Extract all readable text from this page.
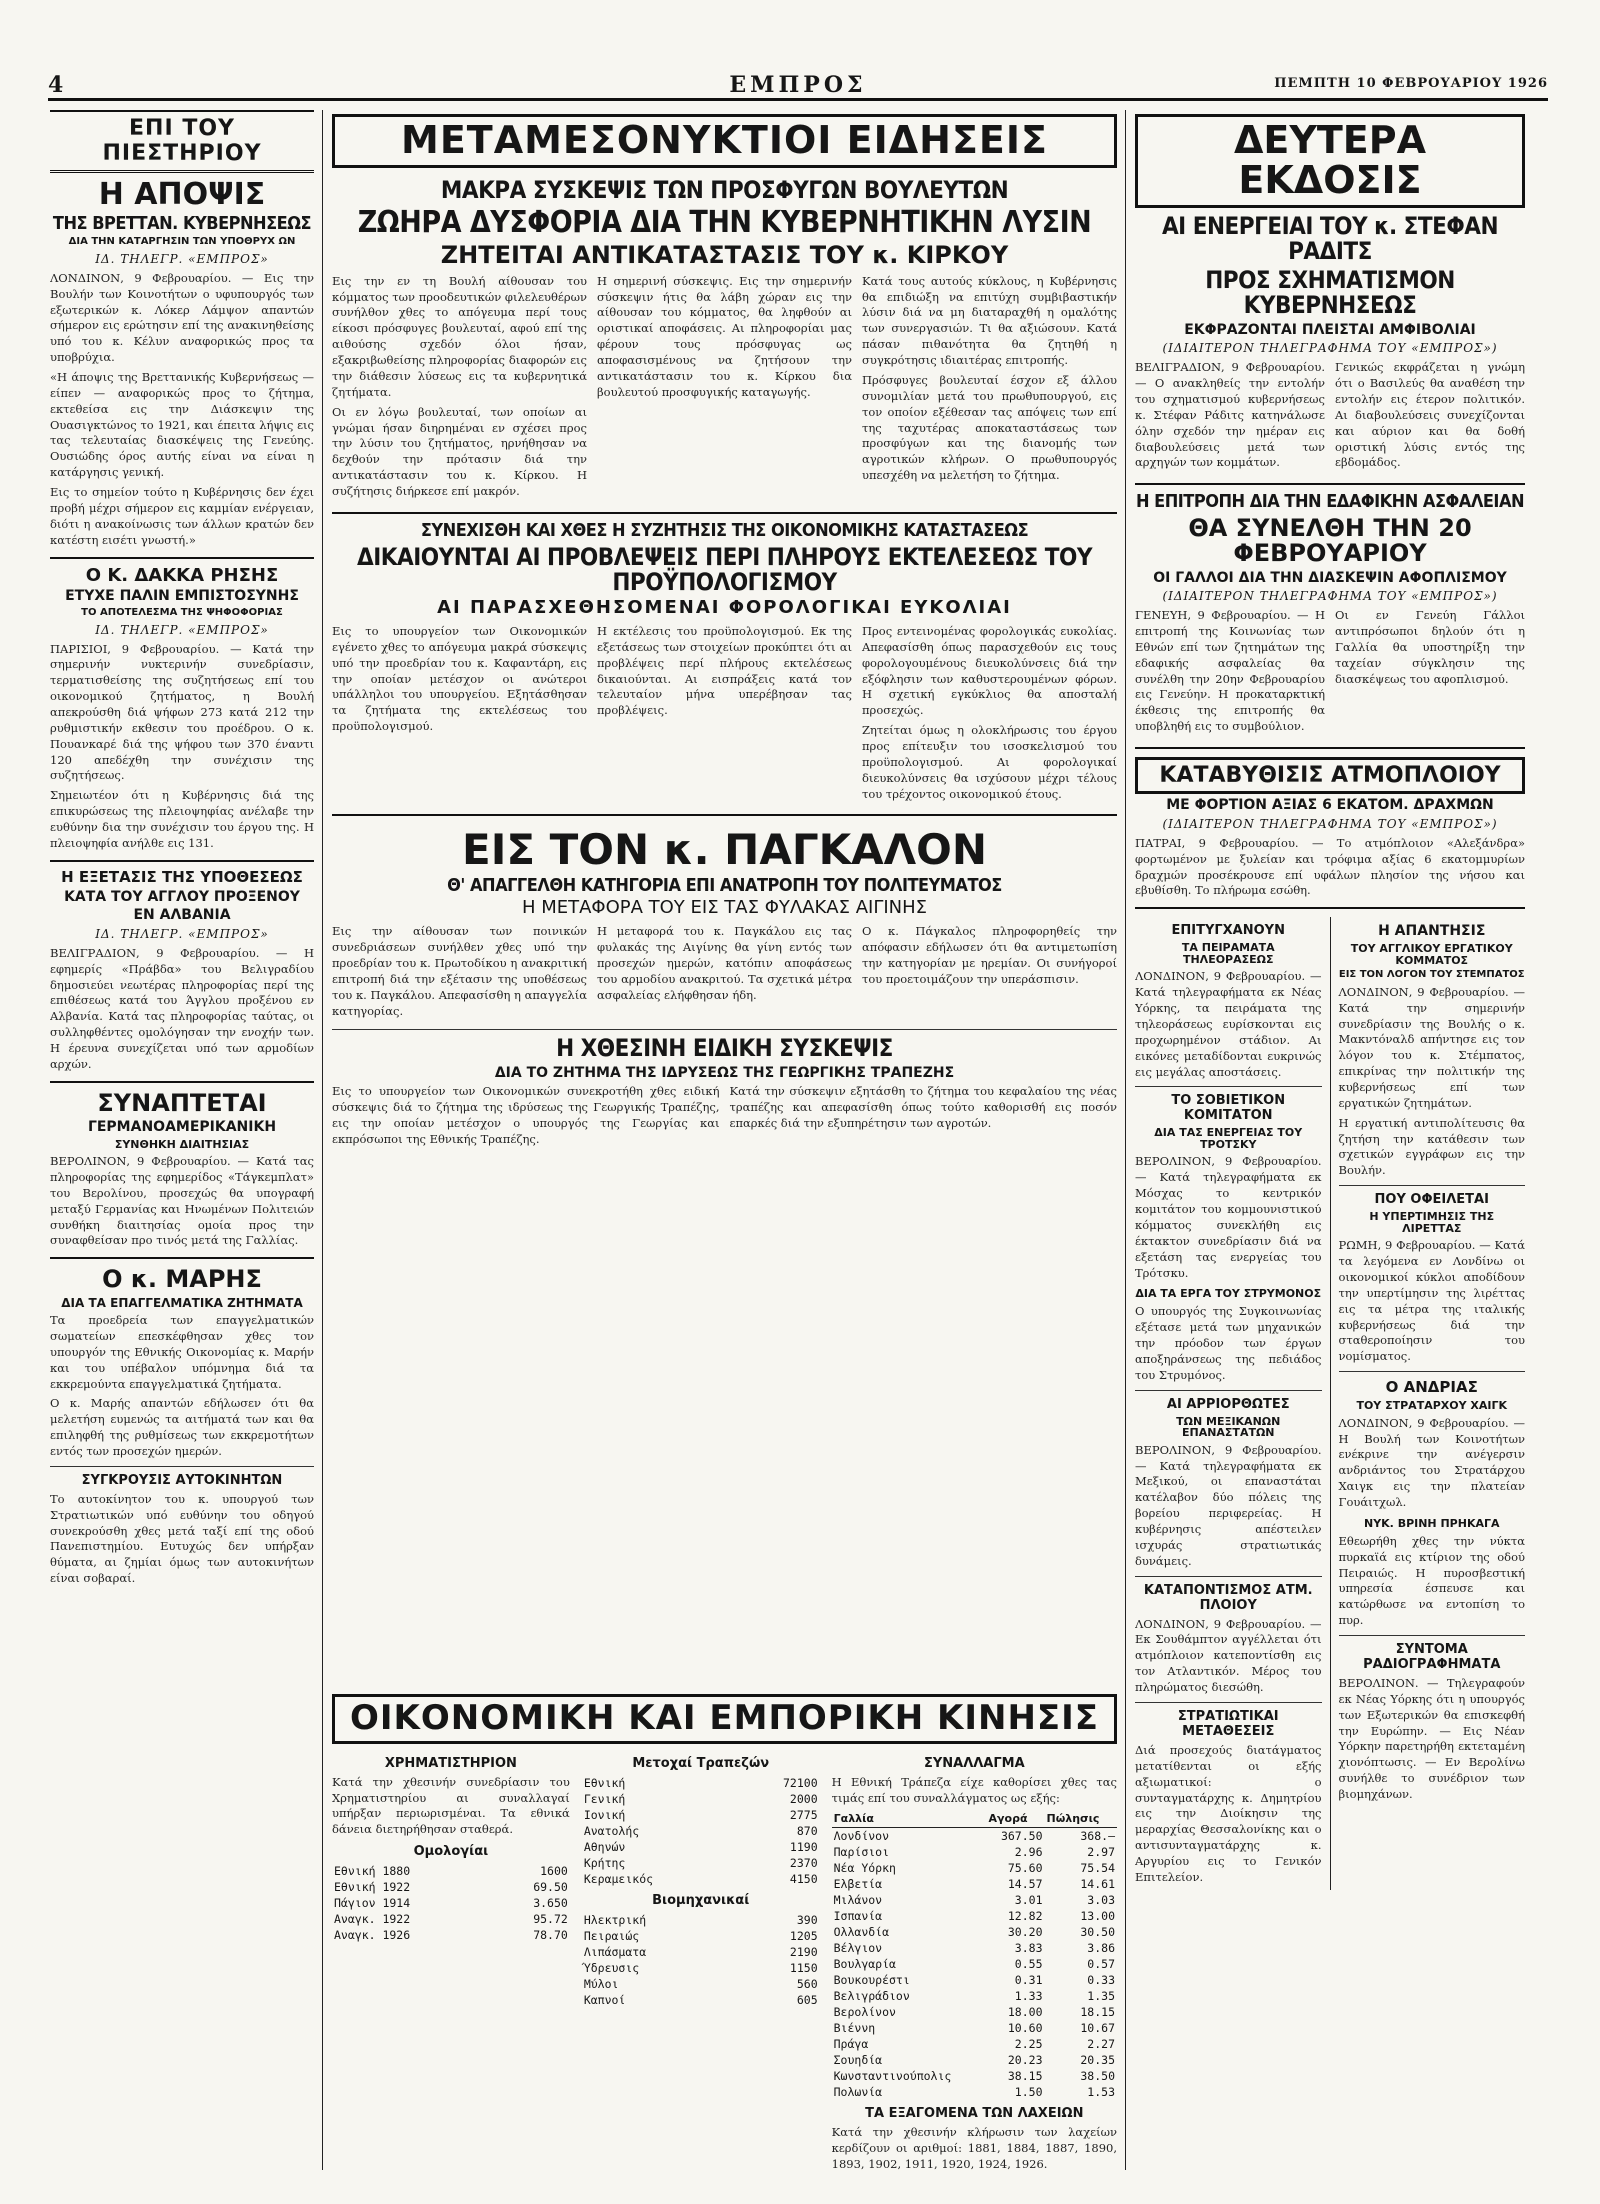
4	ΕΜΠΡΟΣ	ΠΕΜΠΤΗ 10 ΦΕΒΡΟΥΑΡΙΟΥ 1926
ΕΠΙ ΤΟΥ ΠΙΕΣΤΗΡΙΟΥ
Η ΑΠΟΨΙΣ
ΤΗΣ ΒΡΕΤΤΑΝ. ΚΥΒΕΡΝΗΣΕΩΣ
ΔΙΑ ΤΗΝ ΚΑΤΑΡΓΗΣΙΝ ΤΩΝ ΥΠΟΘΡΥΧ ΩΝ
ΙΔ. ΤΗΛΕΓΡ. «ΕΜΠΡΟΣ»

ΛΟΝΔΙΝΟΝ, 9 Φεβρουαρίου. — Εις την Βουλήν των Κοινοτήτων ο υφυπουργός των εξωτερικών κ. Λόκερ Λάμψον απαντών σήμερον εις ερώτησιν επί της ανακινηθείσης υπό του κ. Κέλυν αναφορικώς προς τα υποβρύχια.

«Η άποψις της Βρεττανικής Κυβερνήσεως — είπεν — αναφορικώς προς το ζήτημα, εκτεθείσα εις την Διάσκεψιν της Ουασιγκτώνος το 1921, και έπειτα λήψις εις τας τελευταίας διασκέψεις της Γενεύης. Ουσιώδης όρος αυτής είναι να είναι η κατάργησις γενική.

Εις το σημείον τούτο η Κυβέρνησις δεν έχει προβή μέχρι σήμερον εις καμμίαν ενέργειαν, διότι η ανακοίνωσις των άλλων κρατών δεν κατέστη εισέτι γνωστή.»

Ο Κ. ΔΑΚΚΑ ΡΗΣΗΣ
ΕΤΥΧΕ ΠΑΛΙΝ ΕΜΠΙΣΤΟΣΥΝΗΣ
ΤΟ ΑΠΟΤΕΛΕΣΜΑ ΤΗΣ ΨΗΦΟΦΟΡΙΑΣ
ΙΔ. ΤΗΛΕΓΡ. «ΕΜΠΡΟΣ»

ΠΑΡΙΣΙΟΙ, 9 Φεβρουαρίου. — Κατά την σημερινήν νυκτερινήν συνεδρίασιν, τερματισθείσης της συζητήσεως επί του οικονομικού ζητήματος, η Βουλή απεκρούσθη διά ψήφων 273 κατά 212 την ρυθμιστικήν εκθεσιν του προέδρου. Ο κ. Πουανκαρέ διά της ψήφου των 370 έναντι 120 απεδέχθη την συνέχισιν της συζητήσεως.

Σημειωτέον ότι η Κυβέρνησις διά της επικυρώσεως της πλειοψηφίας ανέλαβε την ευθύνην δια την συνέχισιν του έργου της. Η πλειοψηφία ανήλθε εις 131.

Η ΕΞΕΤΑΣΙΣ ΤΗΣ ΥΠΟΘΕΣΕΩΣ
ΚΑΤΑ ΤΟΥ ΑΓΓΛΟΥ ΠΡΟΞΕΝΟΥ
ΕΝ ΑΛΒΑΝΙΑ
ΙΔ. ΤΗΛΕΓΡ. «ΕΜΠΡΟΣ»

ΒΕΛΙΓΡΑΔΙΟΝ, 9 Φεβρουαρίου. — Η εφημερίς «Πράβδα» του Βελιγραδίου δημοσιεύει νεωτέρας πληροφορίας περί της επιθέσεως κατά του Άγγλου προξένου εν Αλβανία. Κατά τας πληροφορίας ταύτας, οι συλληφθέντες ομολόγησαν την ενοχήν των. Η έρευνα συνεχίζεται υπό των αρμοδίων αρχών.

ΣΥΝΑΠΤΕΤΑΙ
ΓΕΡΜΑΝΟΑΜΕΡΙΚΑΝΙΚΗ
ΣΥΝΘΗΚΗ ΔΙΑΙΤΗΣΙΑΣ

ΒΕΡΟΛΙΝΟΝ, 9 Φεβρουαρίου. — Κατά τας πληροφορίας της εφημερίδος «Τάγκεμπλατ» του Βερολίνου, προσεχώς θα υπογραφή μεταξύ Γερμανίας και Ηνωμένων Πολιτειών συνθήκη διαιτησίας ομοία προς την συναφθείσαν προ τινός μετά της Γαλλίας.

Ο κ. ΜΑΡΗΣ
ΔΙΑ ΤΑ ΕΠΑΓΓΕΛΜΑΤΙΚΑ ΖΗΤΗΜΑΤΑ

Τα προεδρεία των επαγγελματικών σωματείων επεσκέφθησαν χθες τον υπουργόν της Εθνικής Οικονομίας κ. Μαρήν και του υπέβαλον υπόμνημα διά τα εκκρεμούντα επαγγελματικά ζητήματα.

Ο κ. Μαρής απαντών εδήλωσεν ότι θα μελετήση ευμενώς τα αιτήματά των και θα επιληφθή της ρυθμίσεως των εκκρεμοτήτων εντός των προσεχών ημερών.

ΣΥΓΚΡΟΥΣΙΣ ΑΥΤΟΚΙΝΗΤΩΝ

Το αυτοκίνητον του κ. υπουργού των Στρατιωτικών υπό ευθύνην του οδηγού συνεκρούσθη χθες μετά ταξί επί της οδού Πανεπιστημίου. Ευτυχώς δεν υπήρξαν θύματα, αι ζημίαι όμως των αυτοκινήτων είναι σοβαραί.

ΜΕΤΑΜΕΣΟΝΥΚΤΙΟΙ ΕΙΔΗΣΕΙΣ
ΜΑΚΡΑ ΣΥΣΚΕΨΙΣ ΤΩΝ ΠΡΟΣΦΥΓΩΝ ΒΟΥΛΕΥΤΩΝ
ΖΩΗΡΑ ΔΥΣΦΟΡΙΑ ΔΙΑ ΤΗΝ ΚΥΒΕΡΝΗΤΙΚΗΝ ΛΥΣΙΝ
ΖΗΤΕΙΤΑΙ ΑΝΤΙΚΑΤΑΣΤΑΣΙΣ ΤΟΥ κ. ΚΙΡΚΟΥ

Εις την εν τη Βουλή αίθουσαν του κόμματος των προοδευτικών φιλελευθέρων συνήλθον χθες το απόγευμα περί τους είκοσι πρόσφυγες βουλευταί, αφού επί της αιθούσης σχεδόν όλοι ήσαν, εξακριβωθείσης πληροφορίας διαφορών εις την διάθεσιν λύσεως εις τα κυβερνητικά ζητήματα.

Οι εν λόγω βουλευταί, των οποίων αι γνώμαι ήσαν διηρημέναι εν σχέσει προς την λύσιν του ζητήματος, ηρνήθησαν να δεχθούν την πρότασιν διά την αντικατάστασιν του κ. Κίρκου. Η συζήτησις διήρκεσε επί μακρόν.

Η σημερινή σύσκεψις. Εις την σημερινήν σύσκεψιν ήτις θα λάβη χώραν εις την αίθουσαν του κόμματος, θα ληφθούν αι οριστικαί αποφάσεις. Αι πληροφορίαι μας φέρουν τους πρόσφυγας ως αποφασισμένους να ζητήσουν την αντικατάστασιν του κ. Κίρκου δια βουλευτού προσφυγικής καταγωγής.

Κατά τους αυτούς κύκλους, η Κυβέρνησις θα επιδιώξη να επιτύχη συμβιβαστικήν λύσιν διά να μη διαταραχθή η ομαλότης των συνεργασιών. Τι θα αξιώσουν. Κατά πάσαν πιθανότητα θα ζητηθή η συγκρότησις ιδιαιτέρας επιτροπής.

Πρόσφυγες βουλευταί έσχον εξ άλλου συνομιλίαν μετά του πρωθυπουργού, εις τον οποίον εξέθεσαν τας απόψεις των επί της ταχυτέρας αποκαταστάσεως των προσφύγων και της διανομής των αγροτικών κλήρων. Ο πρωθυπουργός υπεσχέθη να μελετήση το ζήτημα.

ΣΥΝΕΧΙΣΘΗ ΚΑΙ ΧΘΕΣ Η ΣΥΖΗΤΗΣΙΣ ΤΗΣ ΟΙΚΟΝΟΜΙΚΗΣ ΚΑΤΑΣΤΑΣΕΩΣ
ΔΙΚΑΙΟΥΝΤΑΙ ΑΙ ΠΡΟΒΛΕΨΕΙΣ ΠΕΡΙ ΠΛΗΡΟΥΣ ΕΚΤΕΛΕΣΕΩΣ ΤΟΥ ΠΡΟΫΠΟΛΟΓΙΣΜΟΥ
ΑΙ ΠΑΡΑΣΧΕΘΗΣΟΜΕΝΑΙ ΦΟΡΟΛΟΓΙΚΑΙ ΕΥΚΟΛΙΑΙ

Εις το υπουργείον των Οικονομικών εγένετο χθες το απόγευμα μακρά σύσκεψις υπό την προεδρίαν του κ. Καφαντάρη, εις την οποίαν μετέσχον οι ανώτεροι υπάλληλοι του υπουργείου. Εξητάσθησαν τα ζητήματα της εκτελέσεως του προϋπολογισμού.

Η εκτέλεσις του προϋπολογισμού. Εκ της εξετάσεως των στοιχείων προκύπτει ότι αι προβλέψεις περί πλήρους εκτελέσεως δικαιούνται. Αι εισπράξεις κατά τον τελευταίον μήνα υπερέβησαν τας προβλέψεις.

Προς εντεινομένας φορολογικάς ευκολίας. Απεφασίσθη όπως παρασχεθούν εις τους φορολογουμένους διευκολύνσεις διά την εξόφλησιν των καθυστερουμένων φόρων. Η σχετική εγκύκλιος θα αποσταλή προσεχώς.

Ζητείται όμως η ολοκλήρωσις του έργου προς επίτευξιν του ισοσκελισμού του προϋπολογισμού. Αι φορολογικαί διευκολύνσεις θα ισχύσουν μέχρι τέλους του τρέχοντος οικονομικού έτους.

ΕΙΣ ΤΟΝ κ. ΠΑΓΚΑΛΟΝ
Θ' ΑΠΑΓΓΕΛΘΗ ΚΑΤΗΓΟΡΙΑ ΕΠΙ ΑΝΑΤΡΟΠΗ ΤΟΥ ΠΟΛΙΤΕΥΜΑΤΟΣ
Η ΜΕΤΑΦΟΡΑ ΤΟΥ ΕΙΣ ΤΑΣ ΦΥΛΑΚΑΣ ΑΙΓΙΝΗΣ

Εις την αίθουσαν των ποινικών συνεδριάσεων συνήλθεν χθες υπό την προεδρίαν του κ. Πρωτοδίκου η ανακριτική επιτροπή διά την εξέτασιν της υποθέσεως του κ. Παγκάλου. Απεφασίσθη η απαγγελία κατηγορίας.

Η μεταφορά του κ. Παγκάλου εις τας φυλακάς της Αιγίνης θα γίνη εντός των προσεχών ημερών, κατόπιν αποφάσεως του αρμοδίου ανακριτού. Τα σχετικά μέτρα ασφαλείας ελήφθησαν ήδη.

Ο κ. Πάγκαλος πληροφορηθείς την απόφασιν εδήλωσεν ότι θα αντιμετωπίση την κατηγορίαν με ηρεμίαν. Οι συνήγοροί του προετοιμάζουν την υπεράσπισιν.

Η ΧΘΕΣΙΝΗ ΕΙΔΙΚΗ ΣΥΣΚΕΨΙΣ
ΔΙΑ ΤΟ ΖΗΤΗΜΑ ΤΗΣ ΙΔΡΥΣΕΩΣ ΤΗΣ ΓΕΩΡΓΙΚΗΣ ΤΡΑΠΕΖΗΣ

Εις το υπουργείον των Οικονομικών συνεκροτήθη χθες ειδική σύσκεψις διά το ζήτημα της ιδρύσεως της Γεωργικής Τραπέζης, εις την οποίαν μετέσχον ο υπουργός της Γεωργίας και εκπρόσωποι της Εθνικής Τραπέζης.

Κατά την σύσκεψιν εξητάσθη το ζήτημα του κεφαλαίου της νέας τραπέζης και απεφασίσθη όπως τούτο καθορισθή εις ποσόν επαρκές διά την εξυπηρέτησιν των αγροτών.

ΟΙΚΟΝΟΜΙΚΗ ΚΑΙ ΕΜΠΟΡΙΚΗ ΚΙΝΗΣΙΣ
ΧΡΗΜΑΤΙΣΤΗΡΙΟΝ

Κατά την χθεσινήν συνεδρίασιν του Χρηματιστηρίου αι συναλλαγαί υπήρξαν περιωρισμέναι. Τα εθνικά δάνεια διετηρήθησαν σταθερά.

Ομολογίαι
Εθνική 1880	1600
Εθνική 1922	69.50
Πάγιον 1914	3.650
Αναγκ. 1922	95.72
Αναγκ. 1926	78.70
Μετοχαί Τραπεζών
Εθνική	72100
Γενική	2000
Ιονική	2775
Ανατολής	870
Αθηνών	1190
Κρήτης	2370
Κεραμεικός	4150
Βιομηχανικαί
Ηλεκτρική	390
Πειραιώς	1205
Λιπάσματα	2190
Ύδρευσις	1150
Μύλοι	560
Καπνοί	605
ΣΥΝΑΛΛΑΓΜΑ

Η Εθνική Τράπεζα είχε καθορίσει χθες τας τιμάς επί του συναλλάγματος ως εξής:

Γαλλία	Αγορά	Πώλησις
Λονδίνον	367.50	368.—
Παρίσιοι	2.96	2.97
Νέα Υόρκη	75.60	75.54
Ελβετία	14.57	14.61
Μιλάνον	3.01	3.03
Ισπανία	12.82	13.00
Ολλανδία	30.20	30.50
Βέλγιον	3.83	3.86
Βουλγαρία	0.55	0.57
Βουκουρέστι	0.31	0.33
Βελιγράδιον	1.33	1.35
Βερολίνον	18.00	18.15
Βιέννη	10.60	10.67
Πράγα	2.25	2.27
Σουηδία	20.23	20.35
Κωνσταντινούπολις	38.15	38.50
Πολωνία	1.50	1.53
ΤΑ ΕΞΑΓΟΜΕΝΑ ΤΩΝ ΛΑΧΕΙΩΝ

Κατά την χθεσινήν κλήρωσιν των λαχείων κερδίζουν οι αριθμοί: 1881, 1884, 1887, 1890, 1893, 1902, 1911, 1920, 1924, 1926.

ΔΕΥΤΕΡΑ ΕΚΔΟΣΙΣ
ΑΙ ΕΝΕΡΓΕΙΑΙ ΤΟΥ κ. ΣΤΕΦΑΝ ΡΑΔΙΤΣ
ΠΡΟΣ ΣΧΗΜΑΤΙΣΜΟΝ ΚΥΒΕΡΝΗΣΕΩΣ
ΕΚΦΡΑΖΟΝΤΑΙ ΠΛΕΙΣΤΑΙ ΑΜΦΙΒΟΛΙΑΙ
(ΙΔΙΑΙΤΕΡΟΝ ΤΗΛΕΓΡΑΦΗΜΑ ΤΟΥ «ΕΜΠΡΟΣ»)

ΒΕΛΙΓΡΑΔΙΟΝ, 9 Φεβρουαρίου. — Ο ανακληθείς την εντολήν του σχηματισμού κυβερνήσεως κ. Στέφαν Ράδιτς κατηνάλωσε όλην σχεδόν την ημέραν εις διαβουλεύσεις μετά των αρχηγών των κομμάτων.

Γενικώς εκφράζεται η γνώμη ότι ο Βασιλεύς θα αναθέση την εντολήν εις έτερον πολιτικόν. Αι διαβουλεύσεις συνεχίζονται και αύριον και θα δοθή οριστική λύσις εντός της εβδομάδος.

Η ΕΠΙΤΡΟΠΗ ΔΙΑ ΤΗΝ ΕΔΑΦΙΚΗΝ ΑΣΦΑΛΕΙΑΝ
ΘΑ ΣΥΝΕΛΘΗ ΤΗΝ 20 ΦΕΒΡΟΥΑΡΙΟΥ
ΟΙ ΓΑΛΛΟΙ ΔΙΑ ΤΗΝ ΔΙΑΣΚΕΨΙΝ ΑΦΟΠΛΙΣΜΟΥ
(ΙΔΙΑΙΤΕΡΟΝ ΤΗΛΕΓΡΑΦΗΜΑ ΤΟΥ «ΕΜΠΡΟΣ»)

ΓΕΝΕΥΗ, 9 Φεβρουαρίου. — Η επιτροπή της Κοινωνίας των Εθνών επί των ζητημάτων της εδαφικής ασφαλείας θα συνέλθη την 20ην Φεβρουαρίου εις Γενεύην. Η προκαταρκτική έκθεσις της επιτροπής θα υποβληθή εις το συμβούλιον.

Οι εν Γενεύη Γάλλοι αντιπρόσωποι δηλούν ότι η Γαλλία θα υποστηρίξη την ταχείαν σύγκλησιν της διασκέψεως του αφοπλισμού.

ΚΑΤΑΒΥΘΙΣΙΣ ΑΤΜΟΠΛΟΙΟΥ
ΜΕ ΦΟΡΤΙΟΝ ΑΞΙΑΣ 6 ΕΚΑΤΟΜ. ΔΡΑΧΜΩΝ
(ΙΔΙΑΙΤΕΡΟΝ ΤΗΛΕΓΡΑΦΗΜΑ ΤΟΥ «ΕΜΠΡΟΣ»)

ΠΑΤΡΑΙ, 9 Φεβρουαρίου. — Το ατμόπλοιον «Αλεξάνδρα» φορτωμένον με ξυλείαν και τρόφιμα αξίας 6 εκατομμυρίων δραχμών προσέκρουσε επί υφάλων πλησίον της νήσου και εβυθίσθη. Το πλήρωμα εσώθη.

ΕΠΙΤΥΓΧΑΝΟΥΝ
ΤΑ ΠΕΙΡΑΜΑΤΑ ΤΗΛΕΟΡΑΣΕΩΣ

ΛΟΝΔΙΝΟΝ, 9 Φεβρουαρίου. — Κατά τηλεγραφήματα εκ Νέας Υόρκης, τα πειράματα της τηλεοράσεως ευρίσκονται εις προχωρημένον στάδιον. Αι εικόνες μεταδίδονται ευκρινώς εις μεγάλας αποστάσεις.

ΤΟ ΣΟΒΙΕΤΙΚΟΝ ΚΟΜΙΤΑΤΟΝ
ΔΙΑ ΤΑΣ ΕΝΕΡΓΕΙΑΣ ΤΟΥ ΤΡΟΤΣΚΥ

ΒΕΡΟΛΙΝΟΝ, 9 Φεβρουαρίου. — Κατά τηλεγραφήματα εκ Μόσχας το κεντρικόν κομιτάτον του κομμουνιστικού κόμματος συνεκλήθη εις έκτακτον συνεδρίασιν διά να εξετάση τας ενεργείας του Τρότσκυ.

ΔΙΑ ΤΑ ΕΡΓΑ ΤΟΥ ΣΤΡΥΜΟΝΟΣ

Ο υπουργός της Συγκοινωνίας εξέτασε μετά των μηχανικών την πρόοδον των έργων αποξηράνσεως της πεδιάδος του Στρυμόνος.

ΑΙ ΑΡΡΙΟΡΘΩΤΕΣ
ΤΩΝ ΜΕΞΙΚΑΝΩΝ ΕΠΑΝΑΣΤΑΤΩΝ

ΒΕΡΟΛΙΝΟΝ, 9 Φεβρουαρίου. — Κατά τηλεγραφήματα εκ Μεξικού, οι επαναστάται κατέλαβον δύο πόλεις της βορείου περιφερείας. Η κυβέρνησις απέστειλεν ισχυράς στρατιωτικάς δυνάμεις.

ΚΑΤΑΠΟΝΤΙΣΜΟΣ ΑΤΜ. ΠΛΟΙΟΥ

ΛΟΝΔΙΝΟΝ, 9 Φεβρουαρίου. — Εκ Σουθάμπτον αγγέλλεται ότι ατμόπλοιον κατεποντίσθη εις τον Ατλαντικόν. Μέρος του πληρώματος διεσώθη.

ΣΤΡΑΤΙΩΤΙΚΑΙ ΜΕΤΑΘΕΣΕΙΣ

Διά προσεχούς διατάγματος μετατίθενται οι εξής αξιωματικοί: ο συνταγματάρχης κ. Δημητρίου εις την Διοίκησιν της μεραρχίας Θεσσαλονίκης και ο αντισυνταγματάρχης κ. Αργυρίου εις το Γενικόν Επιτελείον.

Η ΑΠΑΝΤΗΣΙΣ
ΤΟΥ ΑΓΓΛΙΚΟΥ ΕΡΓΑΤΙΚΟΥ ΚΟΜΜΑΤΟΣ
ΕΙΣ ΤΟΝ ΛΟΓΟΝ ΤΟΥ ΣΤΕΜΠΑΤΟΣ

ΛΟΝΔΙΝΟΝ, 9 Φεβρουαρίου. — Κατά την σημερινήν συνεδρίασιν της Βουλής ο κ. Μακντόναλδ απήντησε εις τον λόγον του κ. Στέμπατος, επικρίνας την πολιτικήν της κυβερνήσεως επί των εργατικών ζητημάτων.

Η εργατική αντιπολίτευσις θα ζητήση την κατάθεσιν των σχετικών εγγράφων εις την Βουλήν.

ΠΟΥ ΟΦΕΙΛΕΤΑΙ
Η ΥΠΕΡΤΙΜΗΣΙΣ ΤΗΣ ΛΙΡΕΤΤΑΣ

ΡΩΜΗ, 9 Φεβρουαρίου. — Κατά τα λεγόμενα εν Λονδίνω οι οικονομικοί κύκλοι αποδίδουν την υπερτίμησιν της λιρέττας εις τα μέτρα της ιταλικής κυβερνήσεως διά την σταθεροποίησιν του νομίσματος.

Ο ΑΝΔΡΙΑΣ
ΤΟΥ ΣΤΡΑΤΑΡΧΟΥ ΧΑΙΓΚ

ΛΟΝΔΙΝΟΝ, 9 Φεβρουαρίου. — Η Βουλή των Κοινοτήτων ενέκρινε την ανέγερσιν ανδριάντος του Στρατάρχου Χαιγκ εις την πλατείαν Γουάιτχωλ.

ΝΥΚ. ΒΡΙΝΗ ΠΡΗΚΑΓΑ

Εθεωρήθη χθες την νύκτα πυρκαϊά εις κτίριον της οδού Πειραιώς. Η πυροσβεστική υπηρεσία έσπευσε και κατώρθωσε να εντοπίση το πυρ.

ΣΥΝΤΟΜΑ ΡΑΔΙΟΓΡΑΦΗΜΑΤΑ

ΒΕΡΟΛΙΝΟΝ. — Τηλεγραφούν εκ Νέας Υόρκης ότι η υπουργός των Εξωτερικών θα επισκεφθή την Ευρώπην. — Εις Νέαν Υόρκην παρετηρήθη εκτεταμένη χιονόπτωσις. — Εν Βερολίνω συνήλθε το συνέδριον των βιομηχάνων.
